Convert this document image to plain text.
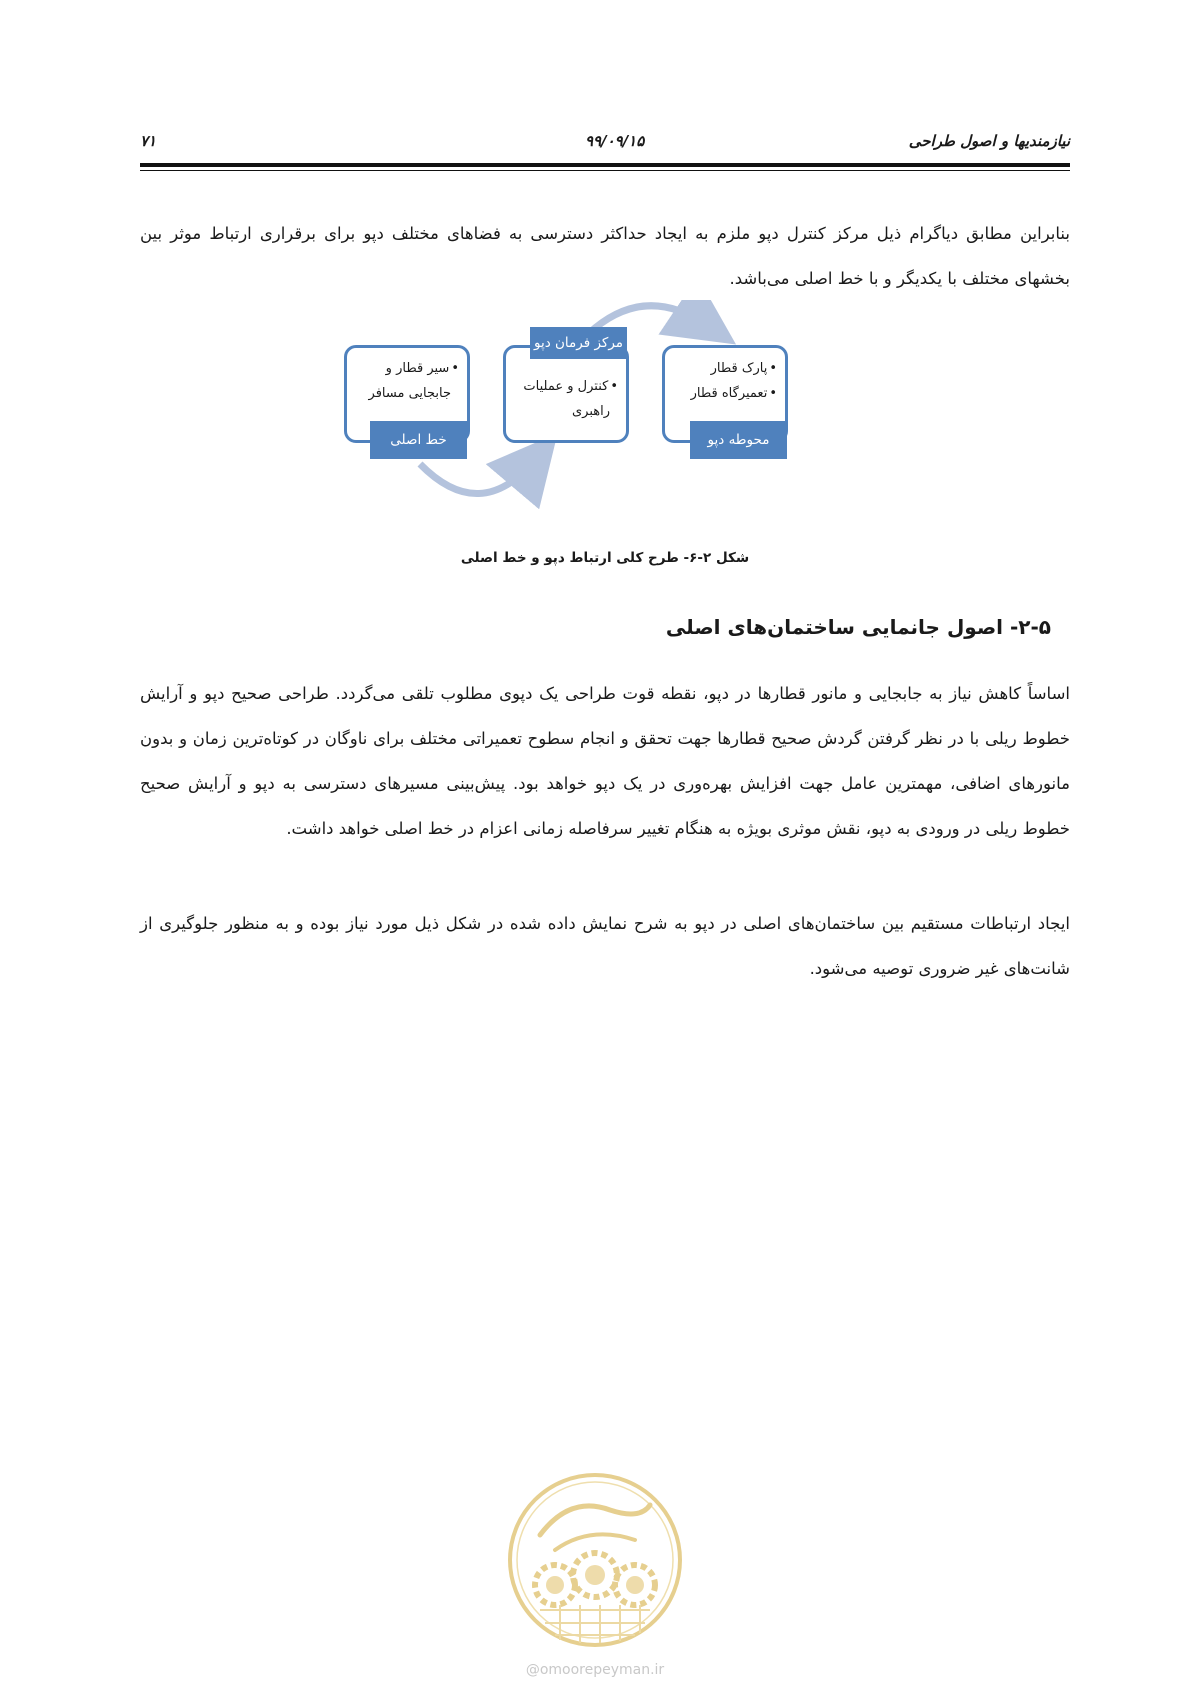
نیازمندیها و اصول طراحی
۹۹/۰۹/۱۵
۷۱

بنابراین مطابق دیاگرام ذیل مرکز کنترل دپو ملزم به ایجاد حداکثر دسترسی به فضاهای مختلف دپو برای برقراری ارتباط موثر بین بخشهای مختلف با یکدیگر و با خط اصلی می‌باشد.

• سیر قطار و
جابجایی مسافر
خط اصلی
• کنترل و عملیات
راهبری
مرکز فرمان دپو
• پارک قطار
• تعمیرگاه قطار
محوطه دپو
شکل ۲-۶- طرح کلی ارتباط دپو و خط اصلی
۲-۵- اصول جانمایی ساختمان‌های اصلی

اساساً کاهش نیاز به جابجایی و مانور قطارها در دپو، نقطه قوت طراحی یک دپوی مطلوب تلقی می‌گردد. طراحی صحیح دپو و آرایش خطوط ریلی با در نظر گرفتن گردش صحیح قطارها جهت تحقق و انجام سطوح تعمیراتی مختلف برای ناوگان در کوتاه‌ترین زمان و بدون مانورهای اضافی، مهمترین عامل جهت افزایش بهره‌وری در یک دپو خواهد بود. پیش‌بینی مسیرهای دسترسی به دپو و آرایش صحیح خطوط ریلی در ورودی به دپو، نقش موثری بویژه به هنگام تغییر سرفاصله زمانی اعزام در خط اصلی خواهد داشت.

ایجاد ارتباطات مستقیم بین ساختمان‌های اصلی در دپو به شرح نمایش داده شده در شکل ذیل مورد نیاز بوده و به منظور جلوگیری از شانت‌های غیر ضروری توصیه می‌شود.

@omoorepeyman.ir
